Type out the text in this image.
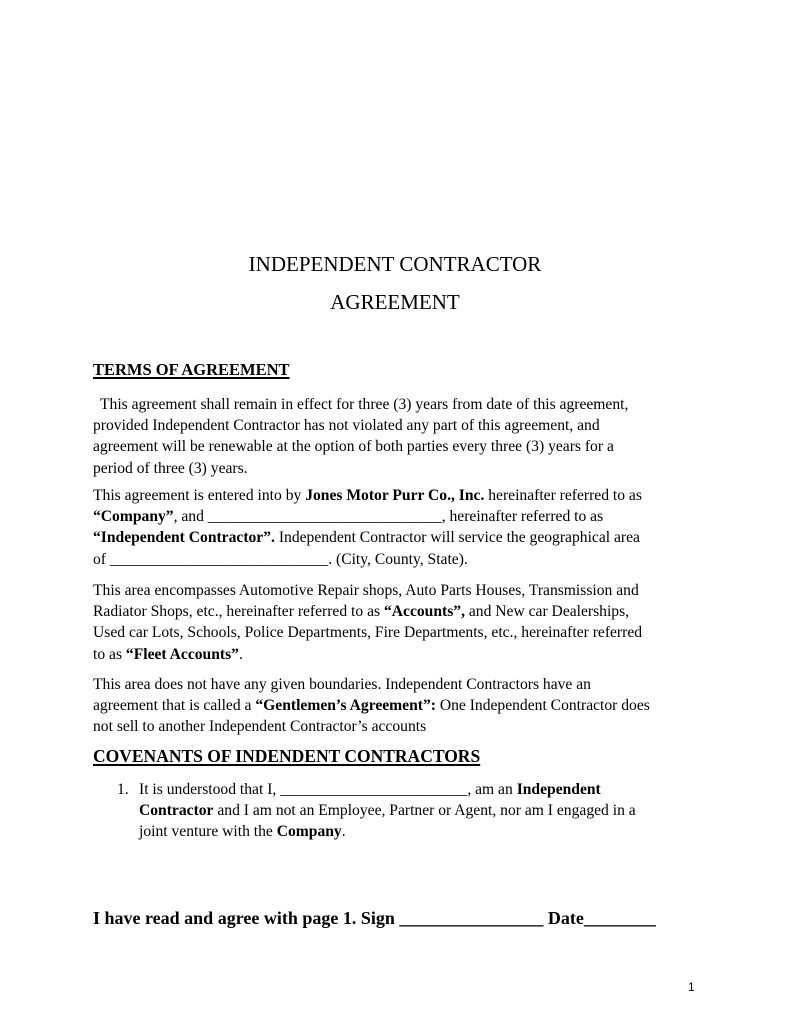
INDEPENDENT CONTRACTOR
AGREEMENT
TERMS OF AGREEMENT
This agreement shall remain in effect for three (3) years from date of this agreement,
provided Independent Contractor has not violated any part of this agreement, and
agreement will be renewable at the option of both parties every three (3) years for a
period of three (3) years.
This agreement is entered into by Jones Motor Purr Co., Inc. hereinafter referred to as
“Company”, and ______________________________, hereinafter referred to as
“Independent Contractor”. Independent Contractor will service the geographical area
of ____________________________. (City, County, State).
This area encompasses Automotive Repair shops, Auto Parts Houses, Transmission and
Radiator Shops, etc., hereinafter referred to as “Accounts”, and New car Dealerships,
Used car Lots, Schools, Police Departments, Fire Departments, etc., hereinafter referred
to as “Fleet Accounts”.
This area does not have any given boundaries. Independent Contractors have an
agreement that is called a “Gentlemen’s Agreement”: One Independent Contractor does
not sell to another Independent Contractor’s accounts
COVENANTS OF INDENDENT CONTRACTORS
1. It is understood that I, ________________________, am an Independent
Contractor and I am not an Employee, Partner or Agent, nor am I engaged in a
joint venture with the Company.
I have read and agree with page 1. Sign ________________ Date________
1
